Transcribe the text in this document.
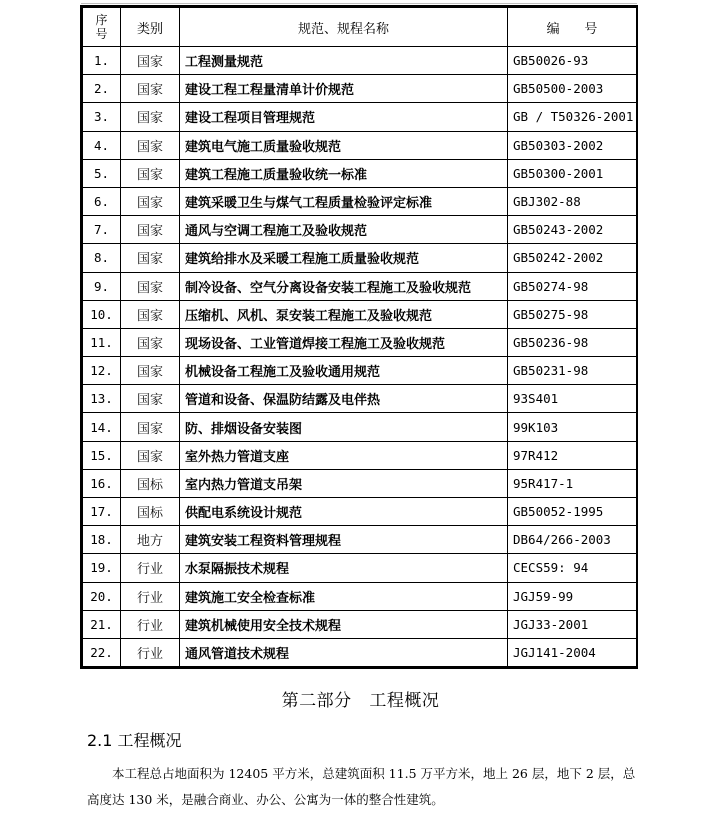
序
号	类别	规范、规程名称	编      号
1.	国家	工程测量规范	GB50026-93
2.	国家	建设工程工程量清单计价规范	GB50500-2003
3.	国家	建设工程项目管理规范	GB / T50326-2001
4.	国家	建筑电气施工质量验收规范	GB50303-2002
5.	国家	建筑工程施工质量验收统一标准	GB50300-2001
6.	国家	建筑采暖卫生与煤气工程质量检验评定标准	GBJ302-88
7.	国家	通风与空调工程施工及验收规范	GB50243-2002
8.	国家	建筑给排水及采暖工程施工质量验收规范	GB50242-2002
9.	国家	制冷设备、空气分离设备安装工程施工及验收规范	GB50274-98
10.	国家	压缩机、风机、泵安装工程施工及验收规范	GB50275-98
11.	国家	现场设备、工业管道焊接工程施工及验收规范	GB50236-98
12.	国家	机械设备工程施工及验收通用规范	GB50231-98
13.	国家	管道和设备、保温防结露及电伴热	93S401
14.	国家	防、排烟设备安装图	99K103
15.	国家	室外热力管道支座	97R412
16.	国标	室内热力管道支吊架	95R417-1
17.	国标	供配电系统设计规范	GB50052-1995
18.	地方	建筑安装工程资料管理规程	DB64/266-2003
19.	行业	水泵隔振技术规程	CECS59: 94
20.	行业	建筑施工安全检查标准	JGJ59-99
21.	行业	建筑机械使用安全技术规程	JGJ33-2001
22.	行业	通风管道技术规程	JGJ141-2004
第二部分   工程概况
2.1 工程概况
本工程总占地面积为 12405 平方米，总建筑面积 11.5 万平方米，地上 26 层，地下 2 层，总高度达 130 米，是融合商业、办公、公寓为一体的整合性建筑。
